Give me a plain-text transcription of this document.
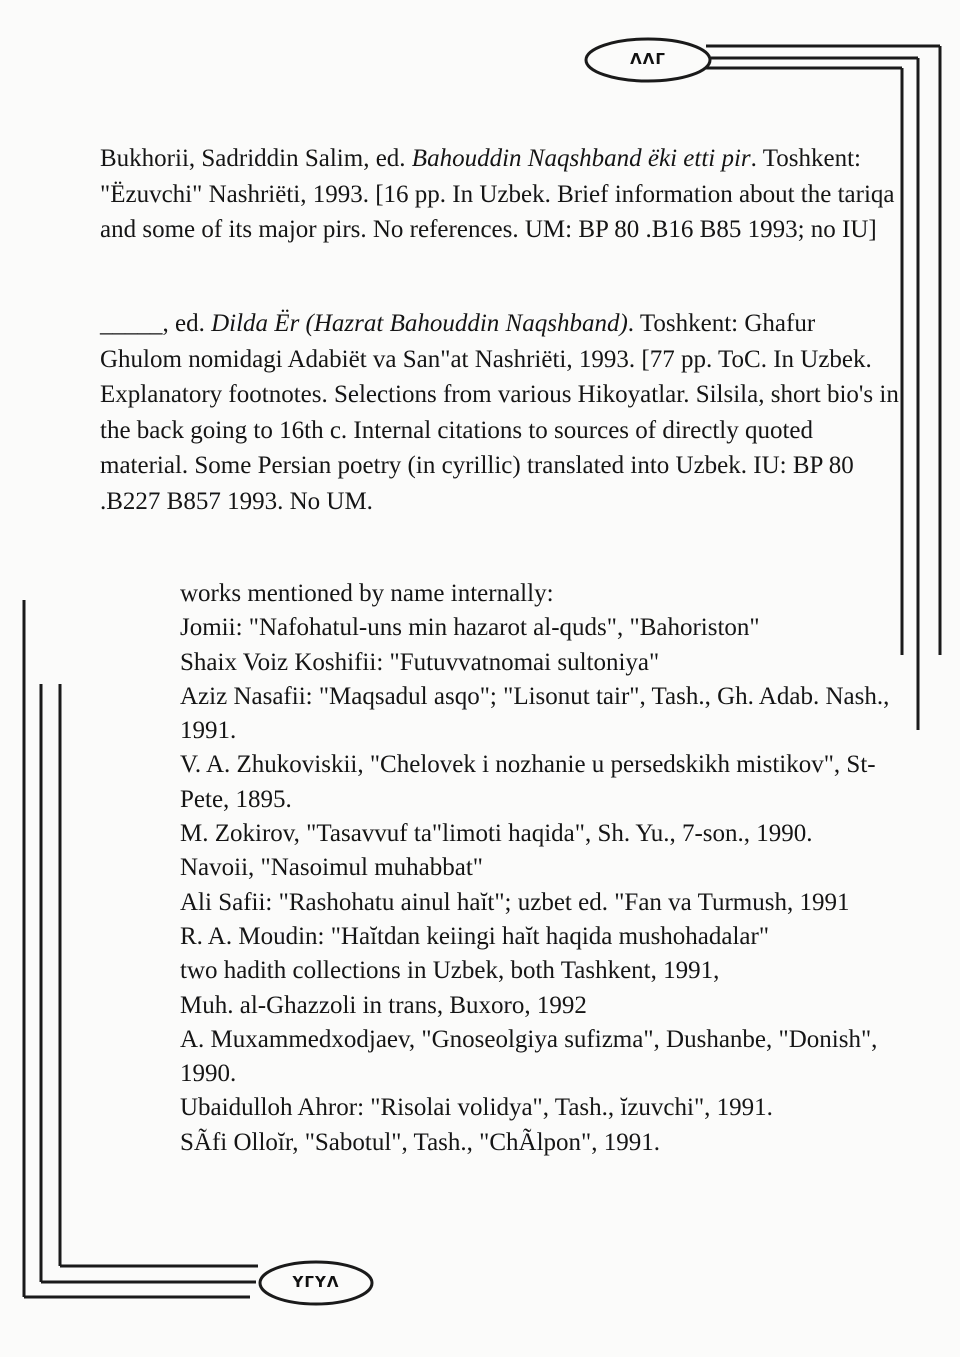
ΛΛΓ
ΥΓΥΛ

Bukhorii, Sadriddin Salim, ed. Bahouddin Naqshband ёki etti pir. Toshkent: "Ёzuvchi" Nashriёti, 1993. [16 pp. In Uzbek. Brief information about the tariqa and some of its major pirs. No references. UM: BP 80 .B16 B85 1993; no IU]

_____, ed. Dilda Ёr (Hazrat Bahouddin Naqshband). Toshkent: Ghafur Ghulom nomidagi Adabiёt va San"at Nashriёti, 1993. [77 pp. ToC. In Uzbek. Explanatory footnotes. Selections from various Hikoyatlar. Silsila, short bio's in the back going to 16th c. Internal citations to sources of directly quoted material. Some Persian poetry (in cyrillic) translated into Uzbek. IU: BP 80 .B227 B857 1993. No UM.

works mentioned by name internally:
Jomii: "Nafohatul-uns min hazarot al-quds", "Bahoriston"
Shaix Voiz Koshifii: "Futuvvatnomai sultoniya"
Aziz Nasafii: "Maqsadul asqo"; "Lisonut tair", Tash., Gh. Adab. Nash., 1991.
V. A. Zhukoviskii, "Chelovek i nozhanie u persedskikh mistikov", St-Pete, 1895.
M. Zokirov, "Tasavvuf ta"limoti haqida", Sh. Yu., 7-son., 1990.
Navoii, "Nasoimul muhabbat"
Ali Safii: "Rashohatu ainul haĭt"; uzbet ed. "Fan va Turmush, 1991
R. A. Moudin: "Haĭtdan keiingi haĭt haqida mushohadalar"
two hadith collections in Uzbek, both Tashkent, 1991,
Muh. al-Ghazzoli in trans, Buxoro, 1992
A. Muxammedxodjaev, "Gnoseolgiya sufizma", Dushanbe, "Donish", 1990.
Ubaidulloh Ahror: "Risolai volidya", Tash., ĭzuvchi", 1991.
SÃfi Olloĭr, "Sabotul", Tash., "ChÃlpon", 1991.
